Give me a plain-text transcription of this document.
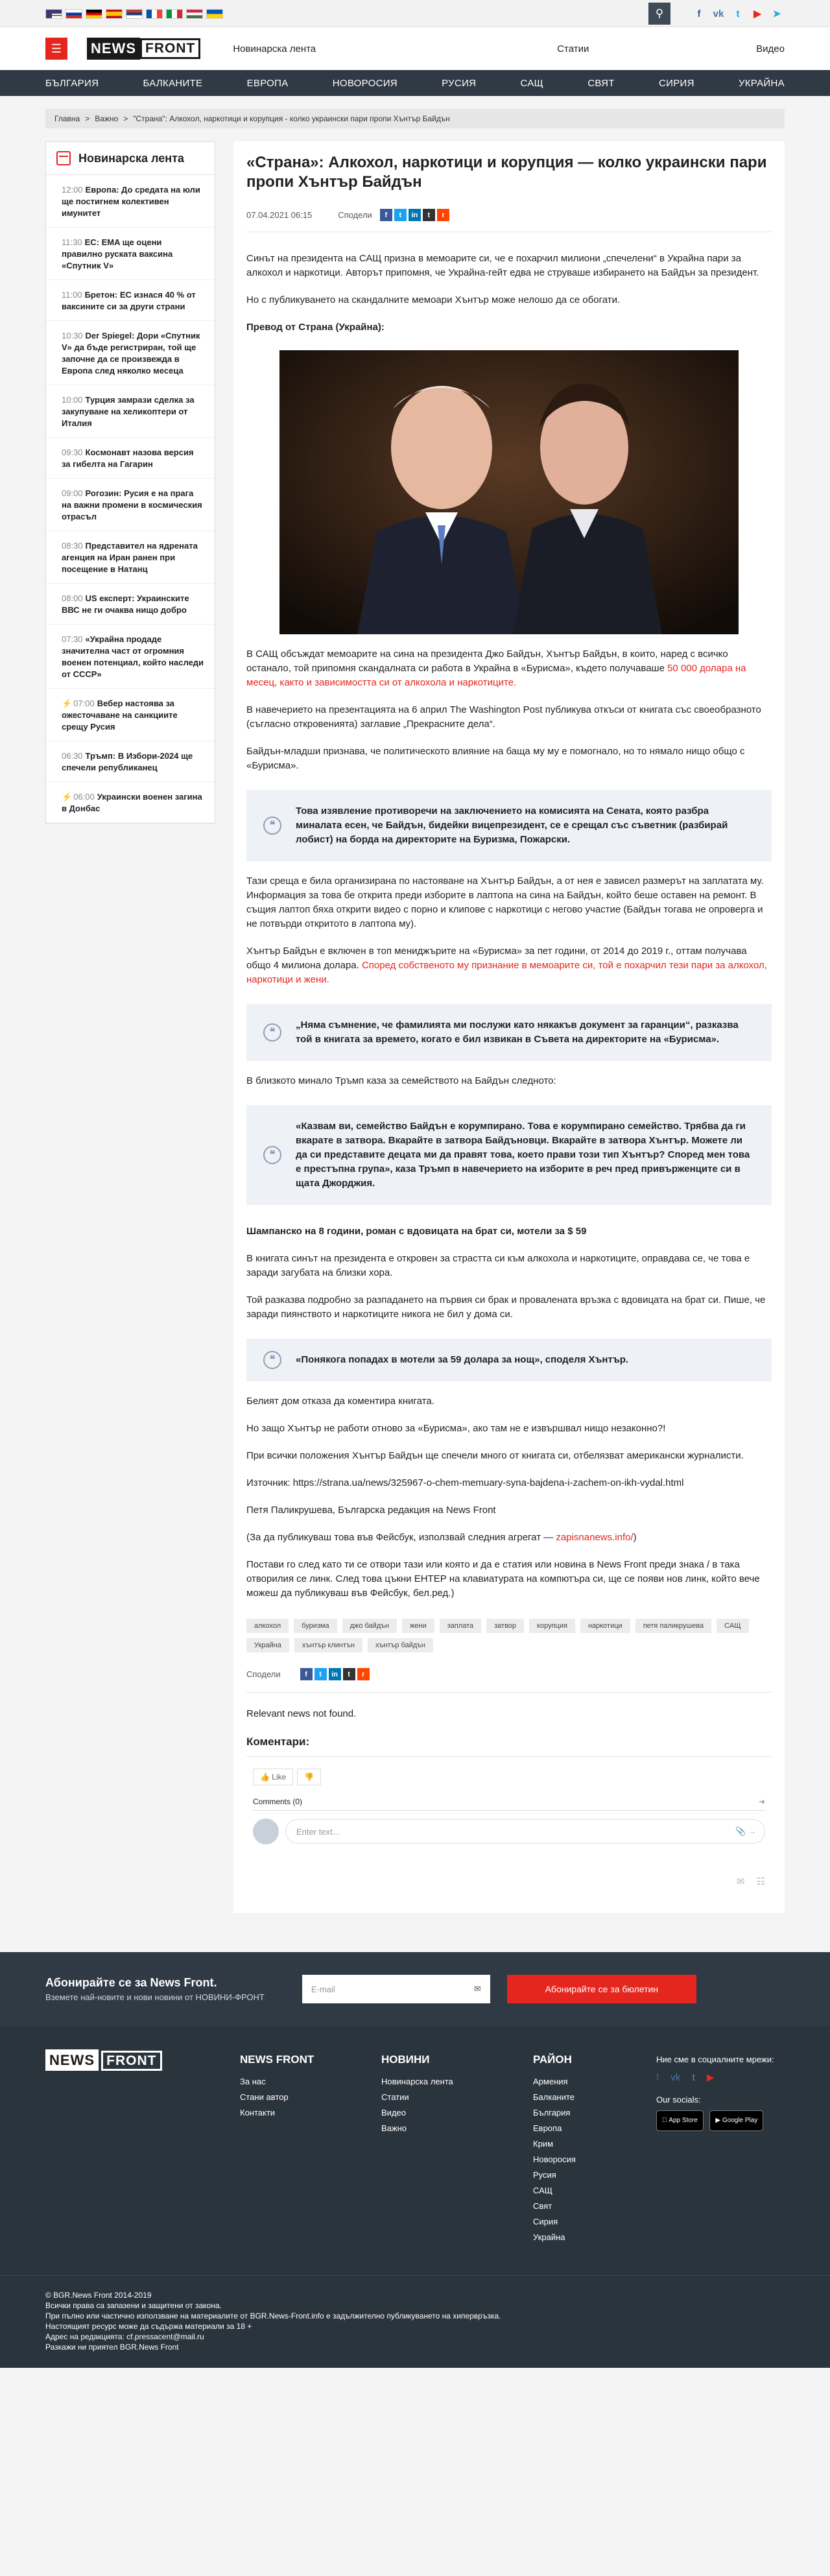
⚲	f	vk	t	▶	➤
☰	NEWS FRONT	Новинарска лента	Статии	Видео
БЪЛГАРИЯ	БАЛКАНИТЕ	ЕВРОПА	НОВОРОСИЯ	РУСИЯ	САЩ	СВЯТ	СИРИЯ	УКРАЙНА
Главна > Важно > "Страна": Алкохол, наркотици и корупция - колко украински пари пропи Хънтър Байдън
Новинарска лента
12:00 Европа: До средата на юли ще постигнем колективен имунитет
11:30 EC: EMA ще оцени правилно руската ваксина «Спутник V»
11:00 Бретон: ЕС изнася 40 % от ваксините си за други страни
10:30 Der Spiegel: Дори «Спутник V» да бъде регистриран, той ще започне да се произвежда в Европа след няколко месеца
10:00 Турция замрази сделка за закупуване на хеликоптери от Италия
09:30 Космонавт назова версия за гибелта на Гагарин
09:00 Рогозин: Русия е на прага на важни промени в космическия отрасъл
08:30 Представител на ядрената агенция на Иран ранен при посещение в Натанц
08:00 US експерт: Украинските ВВС не ги очаква нищо добро
07:30 «Украйна продаде значителна част от огромния военен потенциал, който наследи от СССР»
⚡ 07:00 Вебер настоява за ожесточаване на санкциите срещу Русия
06:30 Тръмп: В Избори-2024 ще спечели републиканец
⚡ 06:00 Украински военен загина в Донбас
«Страна»: Алкохол, наркотици и корупция — колко украински пари пропи Хънтър Байдън
07.04.2021 06:15	Сподели	f	t	in	t	r

Синът на президента на САЩ призна в мемоарите си, че е похарчил милиони „спечелени“ в Украйна пари за алкохол и наркотици. Авторът припомня, че Украйна-гейт едва не струваше избирането на Байдън за президент.

Но с публикуването на скандалните мемоари Хънтър може нелошо да се обогати.

Превод от Страна (Украйна):

В САЩ обсъждат мемоарите на сина на президента Джо Байдън, Хънтър Байдън, в които, наред с всичко останало, той припомня скандалната си работа в Украйна в «Бурисма», където получаваше 50 000 долара на месец, както и зависимостта си от алкохола и наркотиците.

В навечерието на презентацията на 6 април The Washington Post публикува откъси от книгата със своеобразното (съгласно откровенията) заглавие „Прекрасните дела“.

Байдън-младши признава, че политическото влияние на баща му му е помогнало, но то нямало нищо общо с «Бурисма».

❝
Това изявление противоречи на заключението на комисията на Сената, която разбра миналата есен, че Байдън, бидейки вицепрезидент, се е срещал със съветник (разбирай лобист) на борда на директорите на Буризма, Пожарски.

Тази среща е била организирана по настояване на Хънтър Байдън, а от нея е зависел размерът на заплатата му. Информация за това бе открита преди изборите в лаптопа на сина на Байдън, който беше оставен на ремонт. В същия лаптоп бяха открити видео с порно и клипове с наркотици с негово участие (Байдън тогава не опроверга и не потвърди откритото в лаптопа му).

Хънтър Байдън е включен в топ мениджърите на «Бурисма» за пет години, от 2014 до 2019 г., оттам получава общо 4 милиона долара. Според собственото му признание в мемоарите си, той е похарчил тези пари за алкохол, наркотици и жени.

❝
„Няма съмнение, че фамилията ми послужи като някакъв документ за гаранции“, разказва той в книгата за времето, когато е бил извикан в Съвета на директорите на «Бурисма».

В близкото минало Тръмп каза за семейството на Байдън следното:

❝
«Казвам ви, семейство Байдън е корумпирано. Това е корумпирано семейство. Трябва да ги вкарате в затвора. Вкарайте в затвора Байдъновци. Вкарайте в затвора Хънтър. Можете ли да си представите децата ми да правят това, което прави този тип Хънтър? Според мен това е престъпна група», каза Тръмп в навечерието на изборите в реч пред привърженците си в щата Джорджия.

Шампанско на 8 години, роман с вдовицата на брат си, мотели за $ 59

В книгата синът на президента е откровен за страстта си към алкохола и наркотиците, оправдава се, че това е заради загубата на близки хора.

Той разказва подробно за разпадането на първия си брак и провалената връзка с вдовицата на брат си. Пише, че заради пиянството и наркотиците никога не бил у дома си.

❝	«Понякога попадах в мотели за 59 долара за нощ», споделя Хънтър.

Белият дом отказа да коментира книгата.

Но защо Хънтър не работи отново за «Бурисма», ако там не е извършвал нищо незаконно?!

При всички положения Хънтър Байдън ще спечели много от книгата си, отбелязват американски журналисти.

Източник: https://strana.ua/news/325967-o-chem-memuary-syna-bajdena-i-zachem-on-ikh-vydal.html

Петя Паликрушева, Българска редакция на News Front

(За да публикуваш това във Фейсбук, използвай следния агрегат — zapisnanews.info/)

Постави го след като ти се отвори тази или която и да е статия или новина в News Front преди знака / в така отворилия се линк. След това цъкни ЕНТЕР на клавиатурата на компютъра си, ще се появи нов линк, който вече можеш да публикуваш във Фейсбук, бел.ред.)

алкохол	буризма	джо байдън	жени	заплата	затвор	корупция	наркотици	петя паликрушева	САЩ
Украйна	хънтър клинтън	хънтър байдън
Сподели	f	t	in	t	r

Relevant news not found.

Коментари:
👍 Like	👎
Comments (0)	➜
Enter text...	📎 →
✉ ☷
Абонирайте се за News Front.
Вземете най-новите и нови новини от НОВИНИ-ФРОНТ
E-mail	✉	Абонирайте се за бюлетин
NEWS FRONT	NEWS FRONT
За нас
Стани автор
Контакти
НОВИНИ
Новинарска лента
Статии
Видео
Важно
РАЙОН
Армения
Балканите
България
Европа
Крим
Новоросия
Русия
САЩ
Свят
Сирия
Украйна
Ние сме в социалните мрежи:
f vk t ▶
Our socials:
App Store	▶ Google Play
© BGR.News Front 2014-2019
Всички права са запазени и защитени от закона.
При пълно или частично използване на материалите от BGR.News-Front.info е задължително публикуването на хипервръзка.
Настоящият ресурс може да съдържа материали за 18 +
Адрес на редакцията: cf.pressacent@mail.ru
Разкажи ни приятел BGR.News Front
